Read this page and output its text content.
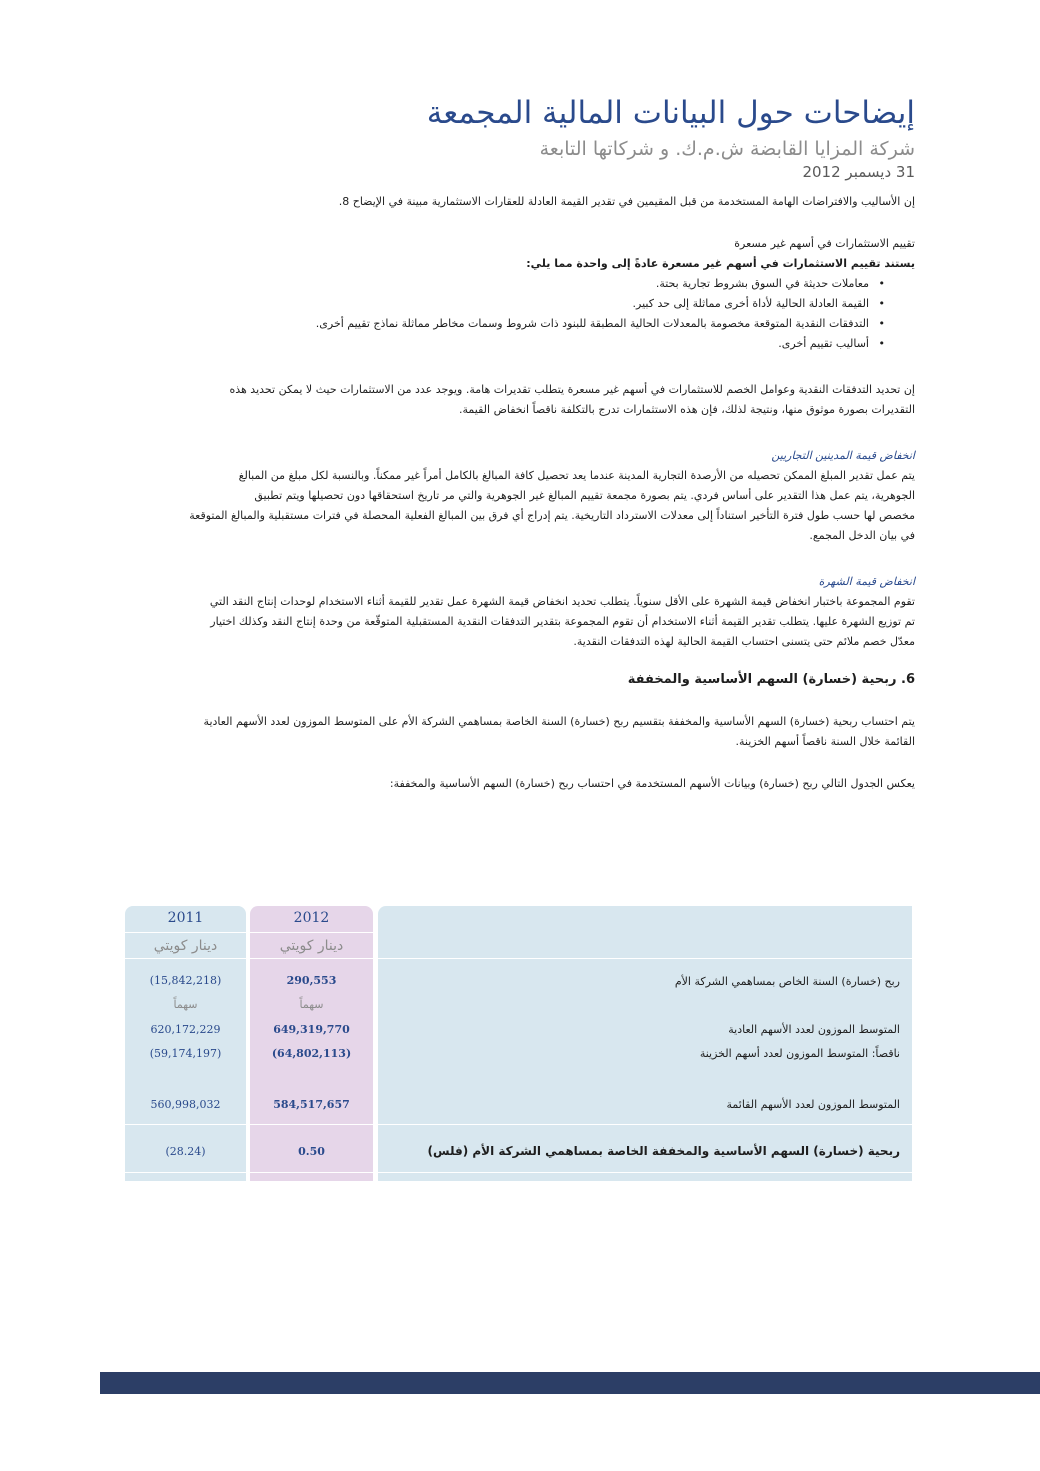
إيضاحات حول البيانات المالية المجمعة
شركة المزايا القابضة ش.م.ك. و شركاتها التابعة
31 ديسمبر 2012

إن الأساليب والافتراضات الهامة المستخدمة من قبل المقيمين في تقدير القيمة العادلة للعقارات الاستثمارية مبينة في الإيضاح 8.

تقييم الاستثمارات في أسهم غير مسعرة

يستند تقييم الاستثمارات في أسهم غير مسعرة عادةً إلى واحدة مما يلي:

• معاملات حديثة في السوق بشروط تجارية بحتة.
• القيمة العادلة الحالية لأداة أخرى مماثلة إلى حد كبير.
• التدفقات النقدية المتوقعة مخصومة بالمعدلات الحالية المطبقة للبنود ذات شروط وسمات مخاطر مماثلة نماذج تقييم أخرى.
• أساليب تقييم أخرى.

إن تحديد التدفقات النقدية وعوامل الخصم للاستثمارات في أسهم غير مسعرة يتطلب تقديرات هامة. ويوجد عدد من الاستثمارات حيث لا يمكن تحديد هذه

التقديرات بصورة موثوق منها، ونتيجة لذلك، فإن هذه الاستثمارات تدرج بالتكلفة ناقصاً انخفاض القيمة.

انخفاض قيمة المدينين التجاريين

يتم عمل تقدير المبلغ الممكن تحصيله من الأرصدة التجارية المدينة عندما يعد تحصيل كافة المبالغ بالكامل أمراً غير ممكناً. وبالنسبة لكل مبلغ من المبالغ

الجوهرية، يتم عمل هذا التقدير على أساس فردي. يتم بصورة مجمعة تقييم المبالغ غير الجوهرية والتي مر تاريخ استحقاقها دون تحصيلها ويتم تطبيق

مخصص لها حسب طول فترة التأخير استناداً إلى معدلات الاسترداد التاريخية. يتم إدراج أي فرق بين المبالغ الفعلية المحصلة في فترات مستقبلية والمبالغ المتوقعة

في بيان الدخل المجمع.

انخفاض قيمة الشهرة

تقوم المجموعة باختبار انخفاض قيمة الشهرة على الأقل سنوياً. يتطلب تحديد انخفاض قيمة الشهرة عمل تقدير للقيمة أثناء الاستخدام لوحدات إنتاج النقد التي

تم توزيع الشهرة عليها. يتطلب تقدير القيمة أثناء الاستخدام أن تقوم المجموعة بتقدير التدفقات النقدية المستقبلية المتوقّعة من وحدة إنتاج النقد وكذلك اختيار

معدّل خصم ملائم حتى يتسنى احتساب القيمة الحالية لهذه التدفقات النقدية.

6. ربحية (خسارة) السهم الأساسية والمخففة

يتم احتساب ربحية (خسارة) السهم الأساسية والمخففة بتقسيم ربح (خسارة) السنة الخاصة بمساهمي الشركة الأم على المتوسط الموزون لعدد الأسهم العادية

القائمة خلال السنة ناقصاً أسهم الخزينة.

يعكس الجدول التالي ربح (خسارة) وبيانات الأسهم المستخدمة في احتساب ربح (خسارة) السهم الأساسية والمخففة:

ربح (خسارة) السنة الخاص بمساهمي الشركة الأم
المتوسط الموزون لعدد الأسهم العادية
ناقصاً: المتوسط الموزون لعدد أسهم الخزينة
المتوسط الموزون لعدد الأسهم القائمة
ربحية (خسارة) السهم الأساسية والمخففة الخاصة بمساهمي الشركة الأم (فلس)
2012
دينار كويتي
290,553
سهماً
649,319,770
(64,802,113)
584,517,657
0.50
2011
دينار كويتي
(15,842,218)
سهماً
620,172,229
(59,174,197)
560,998,032
(28.24)
